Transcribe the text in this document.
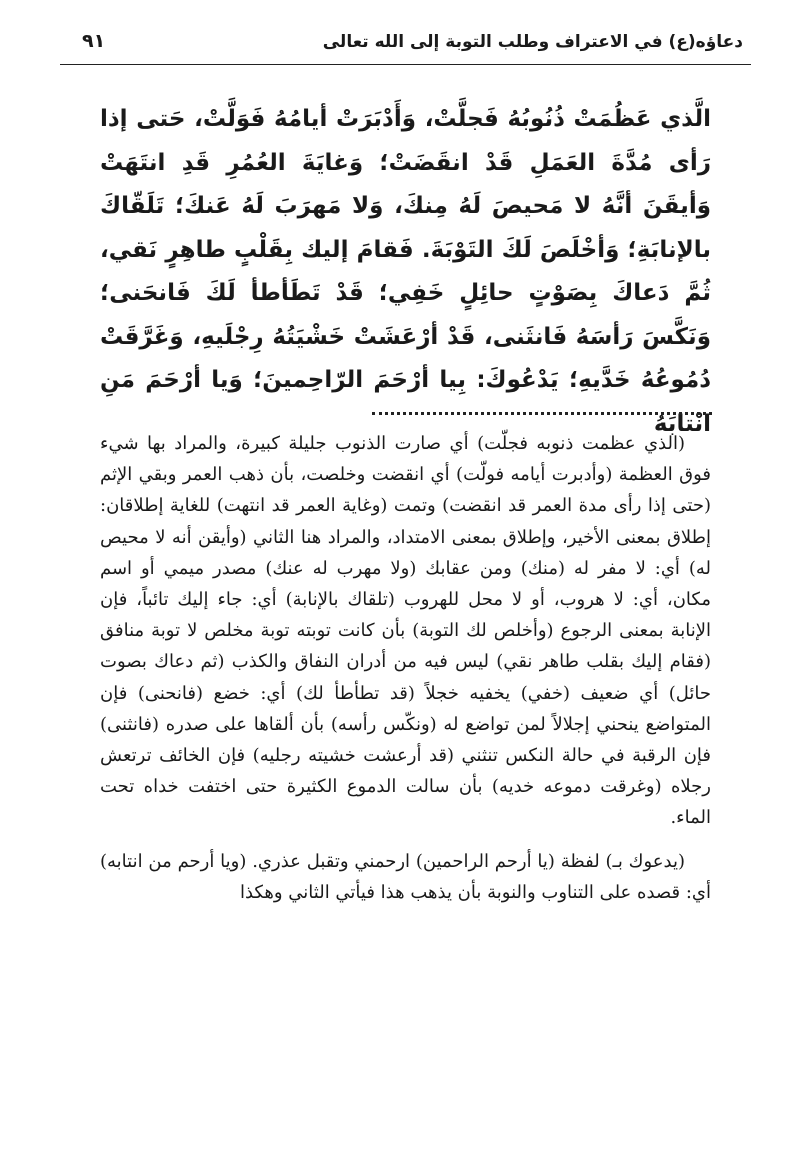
دعاؤه(ع) في الاعتراف وطلب التوبة إلى الله تعالى
٩١
الَّذي عَظُمَتْ ذُنُوبُهُ فَجلَّتْ، وَأَدْبَرَتْ أيامُهُ فَوَلَّتْ، حَتى إذا رَأى مُدَّةَ العَمَلِ قَدْ انقَضَتْ؛ وَغايَةَ العُمُرِ قَدِ انتَهَتْ وَأيقَنَ أنَّهُ لا مَحيصَ لَهُ مِنكَ، وَلا مَهرَبَ لَهُ عَنكَ؛ تَلَقّاكَ بالإنابَةِ؛ وَأخْلَصَ لَكَ التَوْبَةَ. فَقامَ إليك بِقَلْبٍ طاهِرٍ نَقي، ثُمَّ دَعاكَ بِصَوْتٍ حائِلٍ خَفِي؛ قَدْ تَطَأطأ لَكَ فَانحَنى؛ وَنَكَّسَ رَأسَهُ فَانثَنى، قَدْ أرْعَشَتْ خَشْيَتُهُ رِجْلَيهِ، وَغَرَّقَتْ دُمُوعُهُ خَدَّيهِ؛ يَدْعُوكَ: بِيا أرْحَمَ الرّاحِمينَ؛ وَيا أرْحَمَ مَنِ انْتابَهُ

(الذي عظمت ذنوبه فجلّت) أي صارت الذنوب جليلة كبيرة، والمراد بها شيء فوق العظمة (وأدبرت أيامه فولّت) أي انقضت وخلصت، بأن ذهب العمر وبقي الإثم (حتى إذا رأى مدة العمر قد انقضت) وتمت (وغاية العمر قد انتهت) للغاية إطلاقان: إطلاق بمعنى الأخير، وإطلاق بمعنى الامتداد، والمراد هنا الثاني (وأيقن أنه لا محيص له) أي: لا مفر له (منك) ومن عقابك (ولا مهرب له عنك) مصدر ميمي أو اسم مكان، أي: لا هروب، أو لا محل للهروب (تلقاك بالإنابة) أي: جاء إليك تائباً، فإن الإنابة بمعنى الرجوع (وأخلص لك التوبة) بأن كانت توبته توبة مخلص لا توبة منافق (فقام إليك بقلب طاهر نقي) ليس فيه من أدران النفاق والكذب (ثم دعاك بصوت حائل) أي ضعيف (خفي) يخفيه خجلاً (قد تطأطأ لك) أي: خضع (فانحنى) فإن المتواضع ينحني إجلالاً لمن تواضع له (ونكّس رأسه) بأن ألقاها على صدره (فانثنى) فإن الرقبة في حالة النكس تنثني (قد أرعشت خشيته رجليه) فإن الخائف ترتعش رجلاه (وغرقت دموعه خديه) بأن سالت الدموع الكثيرة حتى اختفت خداه تحت الماء.

(يدعوك بـ) لفظة (يا أرحم الراحمين) ارحمني وتقبل عذري. (ويا أرحم من انتابه) أي: قصده على التناوب والنوبة بأن يذهب هذا فيأتي الثاني وهكذا
